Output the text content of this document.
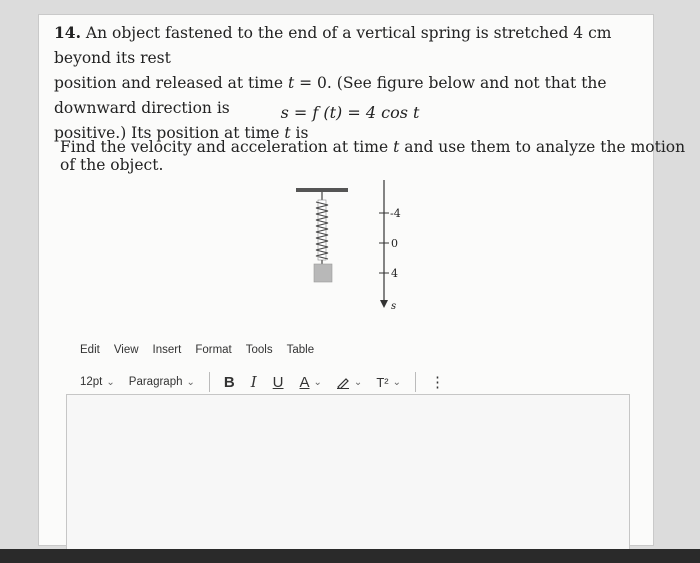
14. An object fastened to the end of a vertical spring is stretched 4 cm beyond its rest
position and released at time t = 0. (See figure below and not that the downward direction is
positive.) Its position at time t is
s = f (t) = 4 cos t
Find the velocity and acceleration at time t and use them to analyze the motion of the object.
-4
0
4
s
Edit View Insert Format Tools Table
12pt ⌄ Paragraph ⌄ B I U A ⌄	⌄ T² ⌄ ⋮
